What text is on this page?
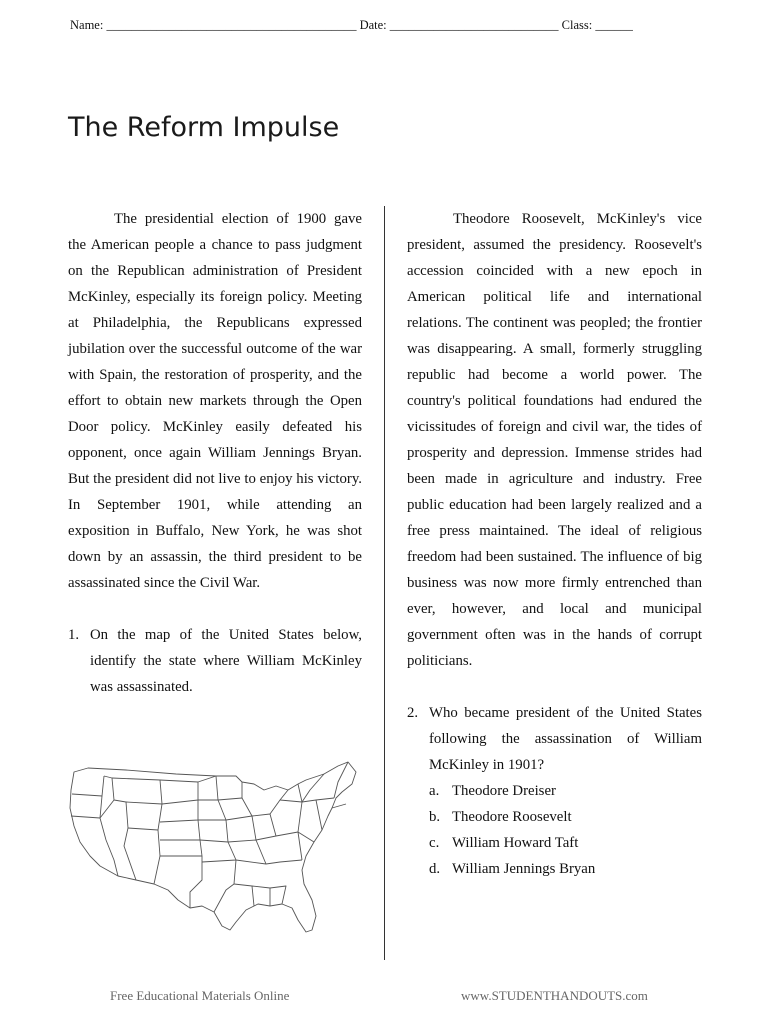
Name: ________________________________________ Date: ___________________________ Class: ______
The Reform Impulse

The presidential election of 1900 gave the American people a chance to pass judgment on the Republican administration of President McKinley, especially its foreign policy. Meeting at Philadelphia, the Republicans expressed jubilation over the successful outcome of the war with Spain, the restoration of prosperity, and the effort to obtain new markets through the Open Door policy. McKinley easily defeated his opponent, once again William Jennings Bryan. But the president did not live to enjoy his victory. In September 1901, while attending an exposition in Buffalo, New York, he was shot down by an assassin, the third president to be assassinated since the Civil War.

1. On the map of the United States below, identify the state where William McKinley was assassinated.

Theodore Roosevelt, McKinley's vice president, assumed the presidency. Roosevelt's accession coincided with a new epoch in American political life and international relations. The continent was peopled; the frontier was disappearing. A small, formerly struggling republic had become a world power. The country's political foundations had endured the vicissitudes of foreign and civil war, the tides of prosperity and depression. Immense strides had been made in agriculture and industry. Free public education had been largely realized and a free press maintained. The ideal of religious freedom had been sustained. The influence of big business was now more firmly entrenched than ever, however, and local and municipal government often was in the hands of corrupt politicians.

2. Who became president of the United States following the assassination of William McKinley in 1901?
a. Theodore Dreiser
b. Theodore Roosevelt
c. William Howard Taft
d. William Jennings Bryan
Free Educational Materials Online	www.STUDENTHANDOUTS.com
